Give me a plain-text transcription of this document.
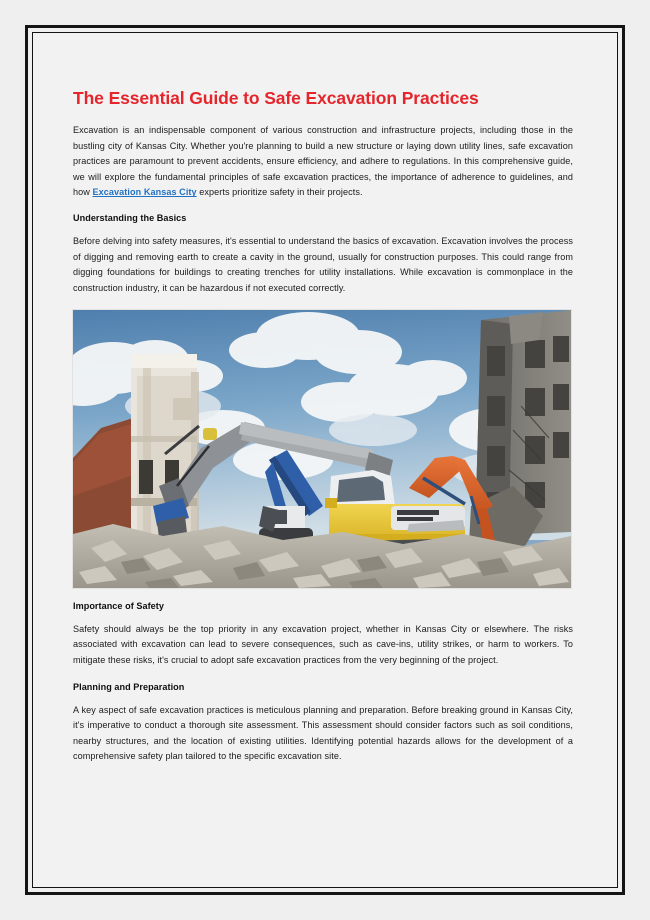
The Essential Guide to Safe Excavation Practices

Excavation is an indispensable component of various construction and infrastructure projects, including those in the bustling city of Kansas City. Whether you're planning to build a new structure or laying down utility lines, safe excavation practices are paramount to prevent accidents, ensure efficiency, and adhere to regulations. In this comprehensive guide, we will explore the fundamental principles of safe excavation practices, the importance of adherence to guidelines, and how Excavation Kansas City experts prioritize safety in their projects.

Understanding the Basics

Before delving into safety measures, it's essential to understand the basics of excavation. Excavation involves the process of digging and removing earth to create a cavity in the ground, usually for construction purposes. This could range from digging foundations for buildings to creating trenches for utility installations. While excavation is commonplace in the construction industry, it can be hazardous if not executed correctly.

Importance of Safety

Safety should always be the top priority in any excavation project, whether in Kansas City or elsewhere. The risks associated with excavation can lead to severe consequences, such as cave-ins, utility strikes, or harm to workers. To mitigate these risks, it's crucial to adopt safe excavation practices from the very beginning of the project.

Planning and Preparation

A key aspect of safe excavation practices is meticulous planning and preparation. Before breaking ground in Kansas City, it's imperative to conduct a thorough site assessment. This assessment should consider factors such as soil conditions, nearby structures, and the location of existing utilities. Identifying potential hazards allows for the development of a comprehensive safety plan tailored to the specific excavation site.
